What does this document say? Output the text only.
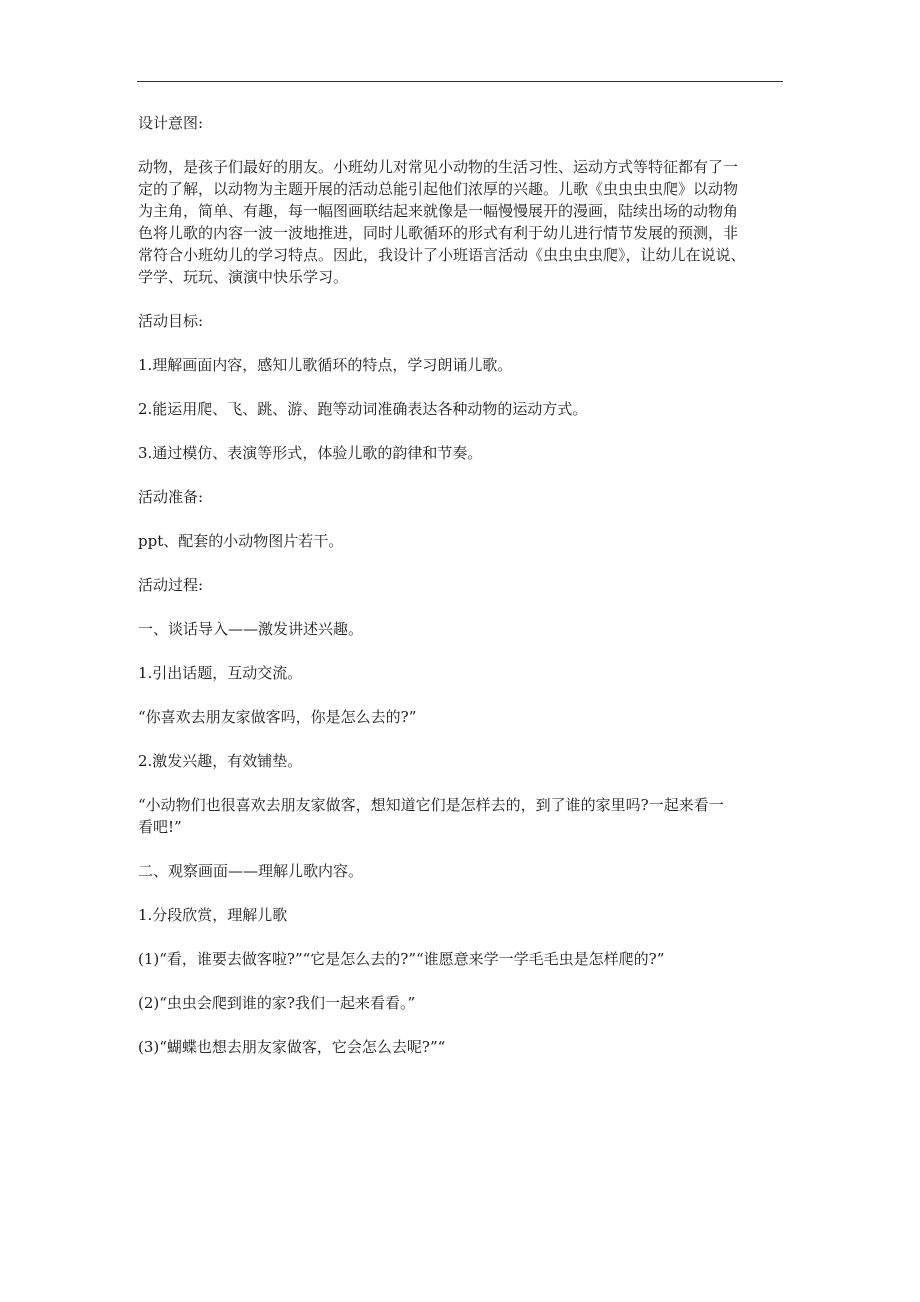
设计意图:

动物，是孩子们最好的朋友。小班幼儿对常见小动物的生活习性、运动方式等特征都有了一

定的了解，以动物为主题开展的活动总能引起他们浓厚的兴趣。儿歌《虫虫虫虫爬》以动物

为主角，简单、有趣，每一幅图画联结起来就像是一幅慢慢展开的漫画，陆续出场的动物角

色将儿歌的内容一波一波地推进，同时儿歌循环的形式有利于幼儿进行情节发展的预测，非

常符合小班幼儿的学习特点。因此，我设计了小班语言活动《虫虫虫虫爬》，让幼儿在说说、

学学、玩玩、演演中快乐学习。

活动目标:

1.理解画面内容，感知儿歌循环的特点，学习朗诵儿歌。

2.能运用爬、飞、跳、游、跑等动词准确表达各种动物的运动方式。

3.通过模仿、表演等形式，体验儿歌的韵律和节奏。

活动准备:

ppt、配套的小动物图片若干。

活动过程:

一、谈话导入——激发讲述兴趣。

1.引出话题，互动交流。

“你喜欢去朋友家做客吗，你是怎么去的?”

2.激发兴趣，有效铺垫。

“小动物们也很喜欢去朋友家做客，想知道它们是怎样去的，到了谁的家里吗?一起来看一

看吧!”

二、观察画面——理解儿歌内容。

1.分段欣赏，理解儿歌

(1)“看，谁要去做客啦?”“它是怎么去的?”“谁愿意来学一学毛毛虫是怎样爬的?”

(2)“虫虫会爬到谁的家?我们一起来看看。”

(3)“蝴蝶也想去朋友家做客，它会怎么去呢?”“
